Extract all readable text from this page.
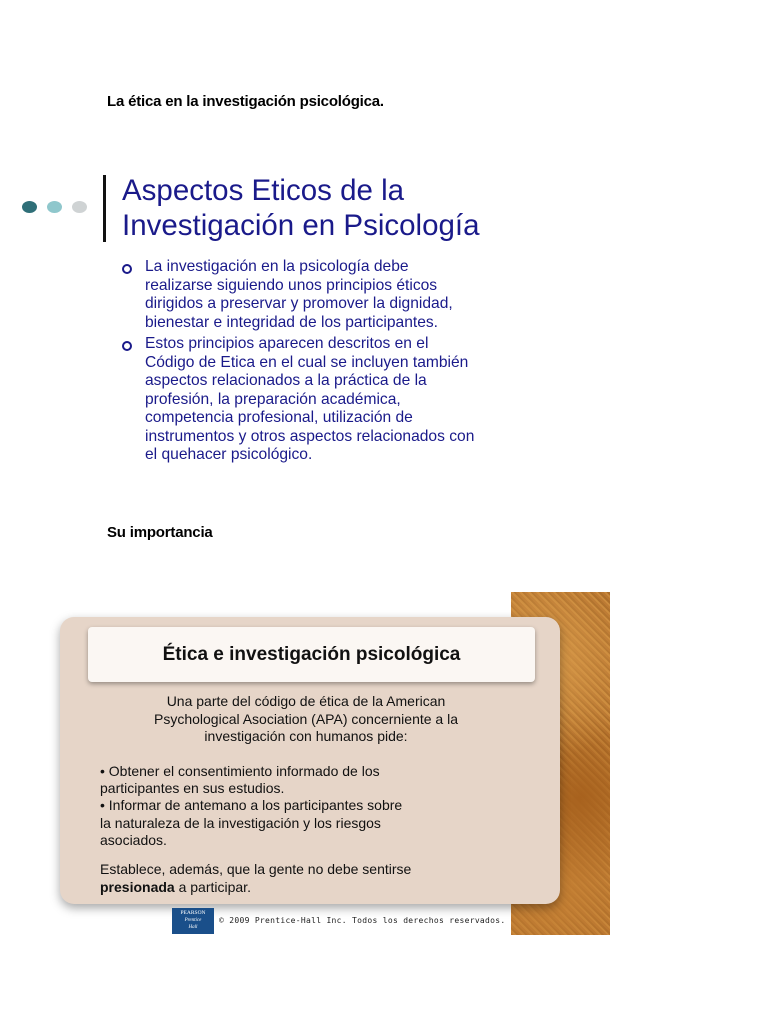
La ética en la investigación psicológica.
Aspectos Eticos de la
Investigación en Psicología
La investigación en la psicología debe
realizarse siguiendo unos principios éticos
dirigidos a preservar y promover la dignidad,
bienestar e integridad de los participantes.
Estos principios aparecen descritos en el
Código de Etica en el cual se incluyen también
aspectos relacionados a la práctica de la
profesión, la preparación académica,
competencia profesional, utilización de
instrumentos y otros aspectos relacionados con
el quehacer psicológico.
Su importancia
Ética e investigación psicológica
Una parte del código de ética de la American
Psychological Asociation (APA) concerniente a la
investigación con humanos pide:
• Obtener el consentimiento informado de los
participantes en sus estudios.
• Informar de antemano a los participantes sobre
la naturaleza de la investigación y los riesgos
asociados.
Establece, además, que la gente no debe sentirse
presionada a participar.
PEARSON
Prentice
Hall
© 2009 Prentice-Hall Inc. Todos los derechos reservados.
